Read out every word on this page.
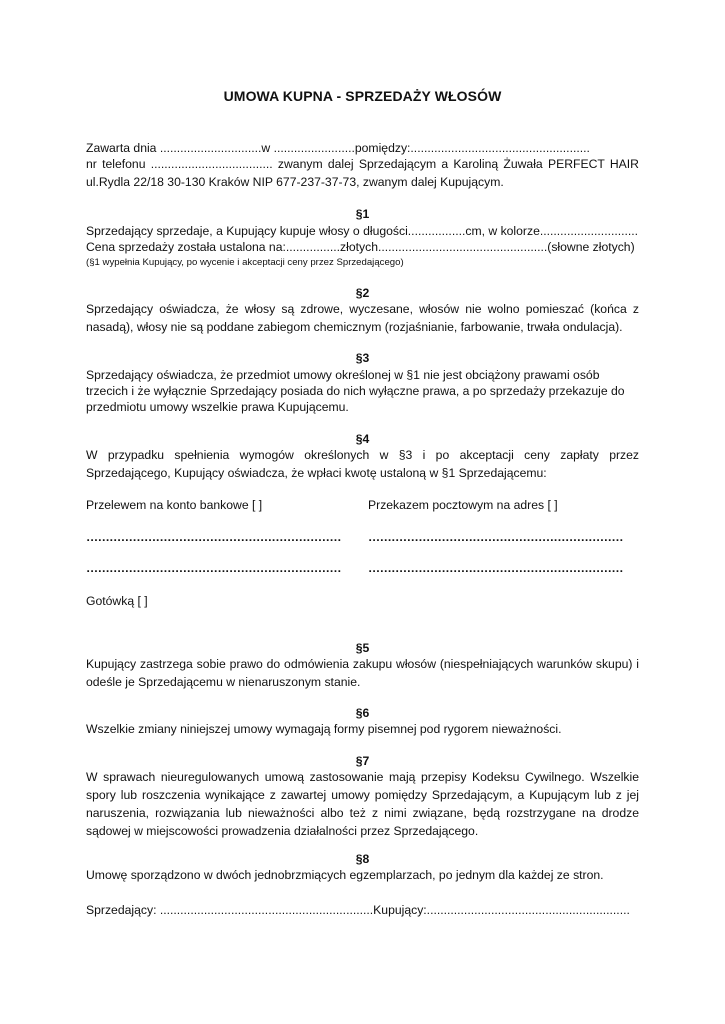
UMOWA KUPNA - SPRZEDAŻY WŁOSÓW
Zawarta dnia ..............................w ........................pomiędzy:.....................................................
nr telefonu .................................... zwanym dalej Sprzedającym a Karoliną Żuwała PERFECT HAIR ul.Rydla 22/18 30-130 Kraków NIP 677-237-37-73, zwanym dalej Kupującym.
§1
Sprzedający sprzedaje, a Kupujący kupuje włosy o długości.................cm, w kolorze.............................
Cena sprzedaży została ustalona na:................złotych..................................................(słowne złotych)
(§1 wypełnia Kupujący, po wycenie i akceptacji ceny przez Sprzedającego)
§2
Sprzedający oświadcza, że włosy są zdrowe, wyczesane, włosów nie wolno pomieszać (końca z nasadą), włosy nie są poddane zabiegom chemicznym (rozjaśnianie, farbowanie, trwała ondulacja).
§3
Sprzedający oświadcza, że przedmiot umowy określonej w §1 nie jest obciążony prawami osób
trzecich i że wyłącznie Sprzedający posiada do nich wyłączne prawa, a po sprzedaży przekazuje do
przedmiotu umowy wszelkie prawa Kupującemu.
§4
W przypadku spełnienia wymogów określonych w §3 i po akceptacji ceny zapłaty przez Sprzedającego, Kupujący oświadcza, że wpłaci kwotę ustaloną w §1 Sprzedającemu:
Przelewem na konto bankowe [ ]	Przekazem pocztowym na adres [ ]
…………………………………………………………	…………………………………………………………
…………………………………………………………	…………………………………………………………
Gotówką [ ]
§5
Kupujący zastrzega sobie prawo do odmówienia zakupu włosów (niespełniających warunków skupu) i odeśle je Sprzedającemu w nienaruszonym stanie.
§6
Wszelkie zmiany niniejszej umowy wymagają formy pisemnej pod rygorem nieważności.
§7
W sprawach nieuregulowanych umową zastosowanie mają przepisy Kodeksu Cywilnego. Wszelkie spory lub roszczenia wynikające z zawartej umowy pomiędzy Sprzedającym, a Kupującym lub z jej naruszenia, rozwiązania lub nieważności albo też z nimi związane, będą rozstrzygane na drodze sądowej w miejscowości prowadzenia działalności przez Sprzedającego.
§8
Umowę sporządzono w dwóch jednobrzmiących egzemplarzach, po jednym dla każdej ze stron.
Sprzedający: ...............................................................Kupujący:............................................................
